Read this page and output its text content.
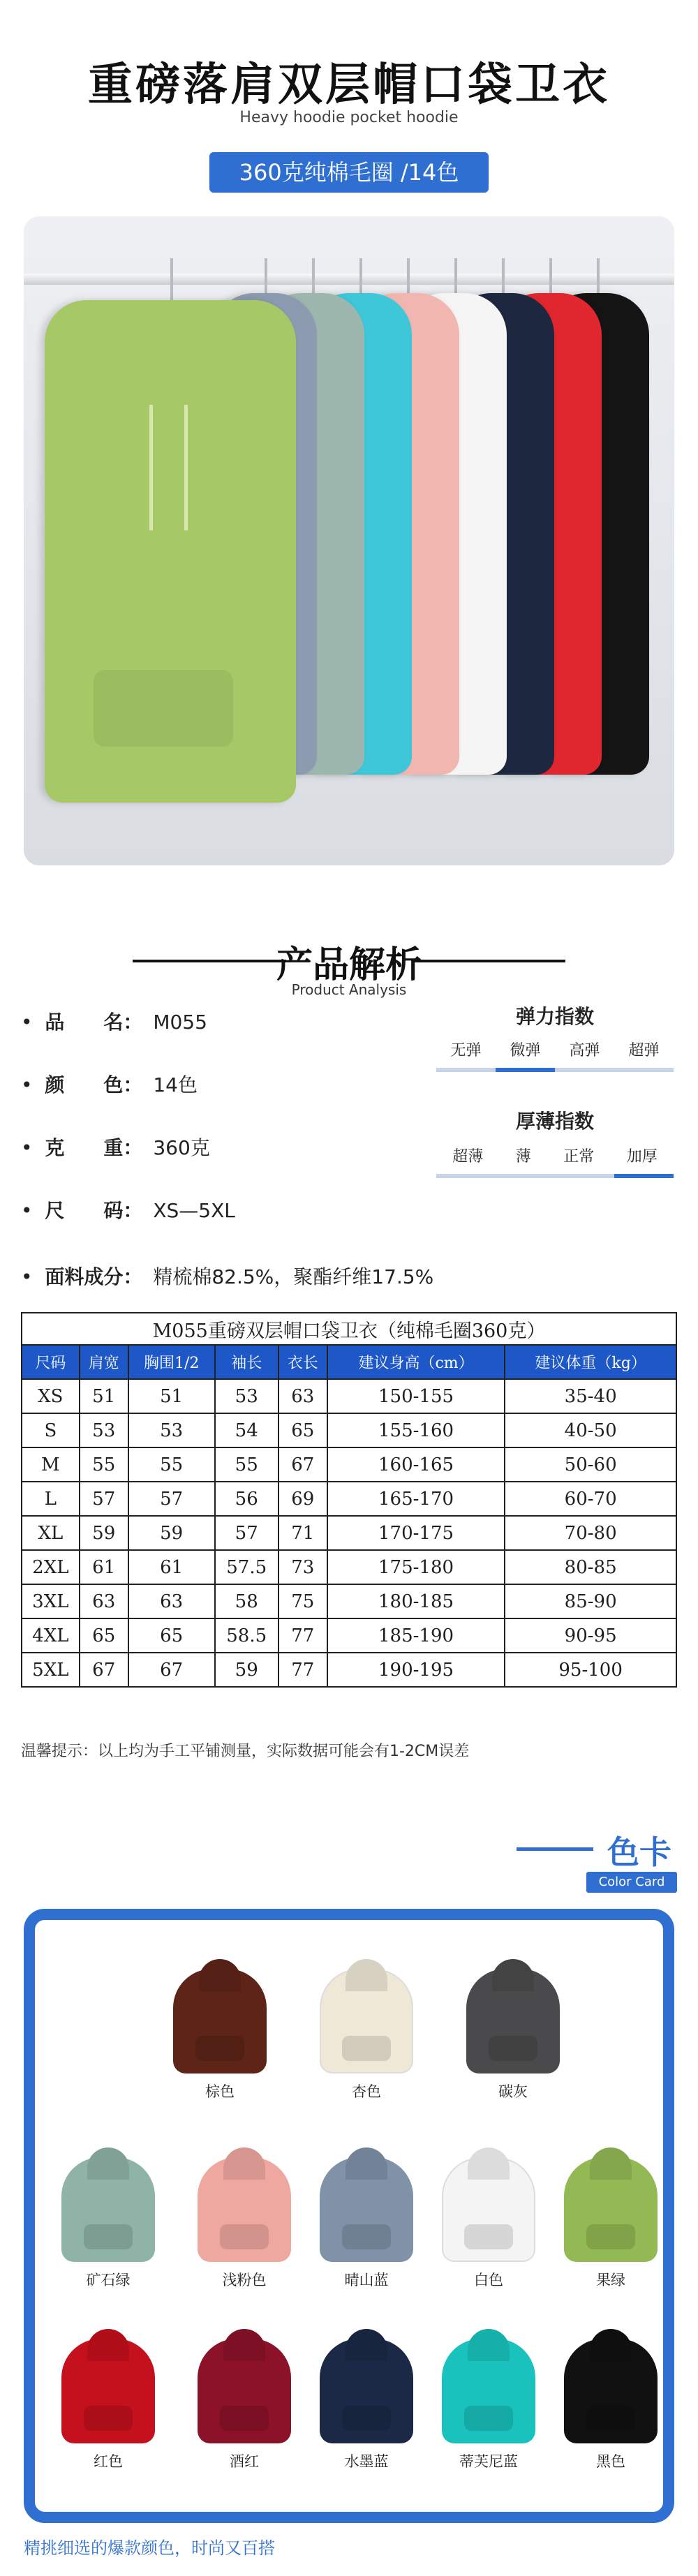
重磅落肩双层帽口袋卫衣
Heavy hoodie pocket hoodie
360克纯棉毛圈 /14色
产品解析
Product Analysis
•  品　　名： M055
•  颜　　色： 14色
•  克　　重： 360克
•  尺　　码： XS—5XL
•  面料成分： 精梳棉82.5%，聚酯纤维17.5%
弹力指数
无弹 微弹 高弹 超弹
厚薄指数
超薄 薄 正常 加厚
M055重磅双层帽口袋卫衣（纯棉毛圈360克）						
尺码	肩宽	胸围1/2	袖长	衣长	建议身高（cm）	建议体重（kg）
XS	51	51	53	63	150-155	35-40
S	53	53	54	65	155-160	40-50
M	55	55	55	67	160-165	50-60
L	57	57	56	69	165-170	60-70
XL	59	59	57	71	170-175	70-80
2XL	61	61	57.5	73	175-180	80-85
3XL	63	63	58	75	180-185	85-90
4XL	65	65	58.5	77	185-190	90-95
5XL	67	67	59	77	190-195	95-100
温馨提示：以上均为手工平铺测量，实际数据可能会有1-2CM误差
色卡
Color Card
棕色	杏色	碳灰
矿石绿	浅粉色	晴山蓝	白色	果绿
红色	酒红	水墨蓝	蒂芙尼蓝	黑色
精挑细选的爆款颜色，时尚又百搭
